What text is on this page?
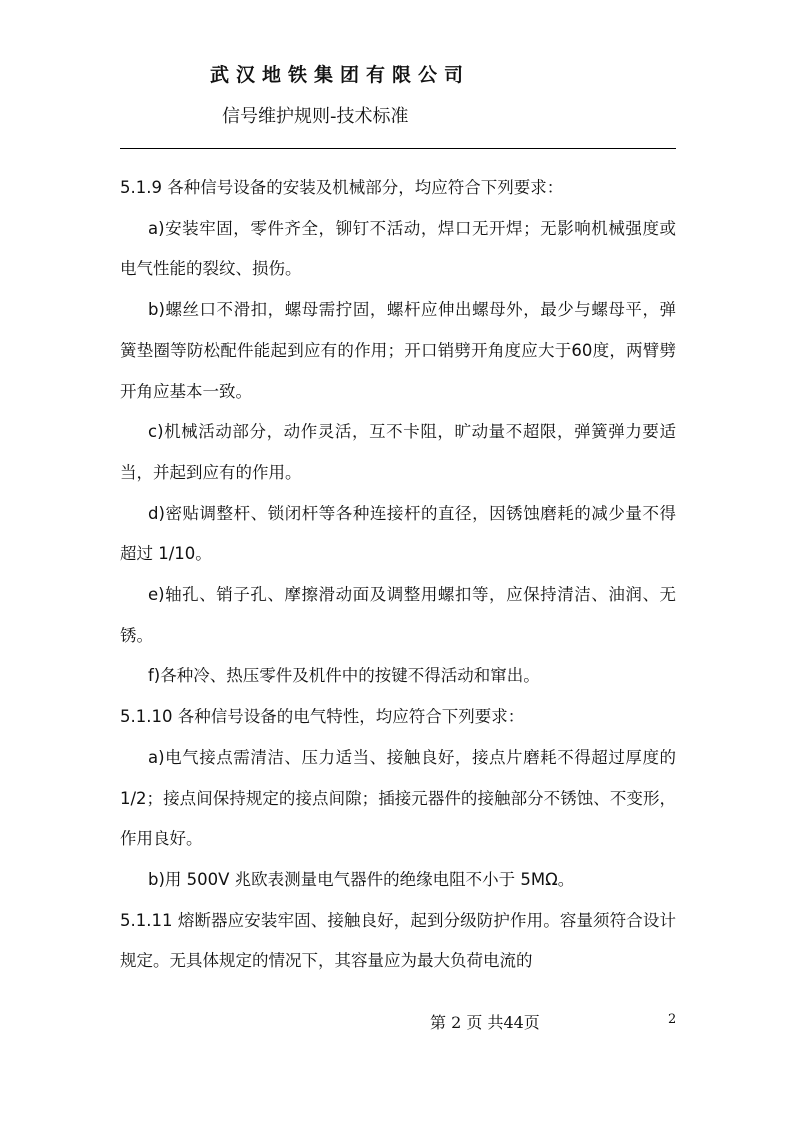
武汉地铁集团有限公司
信号维护规则-技术标准

5.1.9 各种信号设备的安装及机械部分，均应符合下列要求：

a)安装牢固，零件齐全，铆钉不活动，焊口无开焊；无影响机械强度或电气性能的裂纹、损伤。

b)螺丝口不滑扣，螺母需拧固，螺杆应伸出螺母外，最少与螺母平，弹簧垫圈等防松配件能起到应有的作用；开口销劈开角度应大于60度，两臂劈开角应基本一致。

c)机械活动部分，动作灵活，互不卡阻，旷动量不超限，弹簧弹力要适当，并起到应有的作用。

d)密贴调整杆、锁闭杆等各种连接杆的直径，因锈蚀磨耗的减少量不得超过 1/10。

e)轴孔、销子孔、摩擦滑动面及调整用螺扣等，应保持清洁、油润、无锈。

f)各种冷、热压零件及机件中的按键不得活动和窜出。

5.1.10 各种信号设备的电气特性，均应符合下列要求：

a)电气接点需清洁、压力适当、接触良好，接点片磨耗不得超过厚度的 1/2；接点间保持规定的接点间隙；插接元器件的接触部分不锈蚀、不变形，作用良好。

b)用 500V 兆欧表测量电气器件的绝缘电阻不小于 5MΩ。

5.1.11 熔断器应安装牢固、接触良好，起到分级防护作用。容量须符合设计规定。无具体规定的情况下，其容量应为最大负荷电流的

第 2 页 共44页	2
